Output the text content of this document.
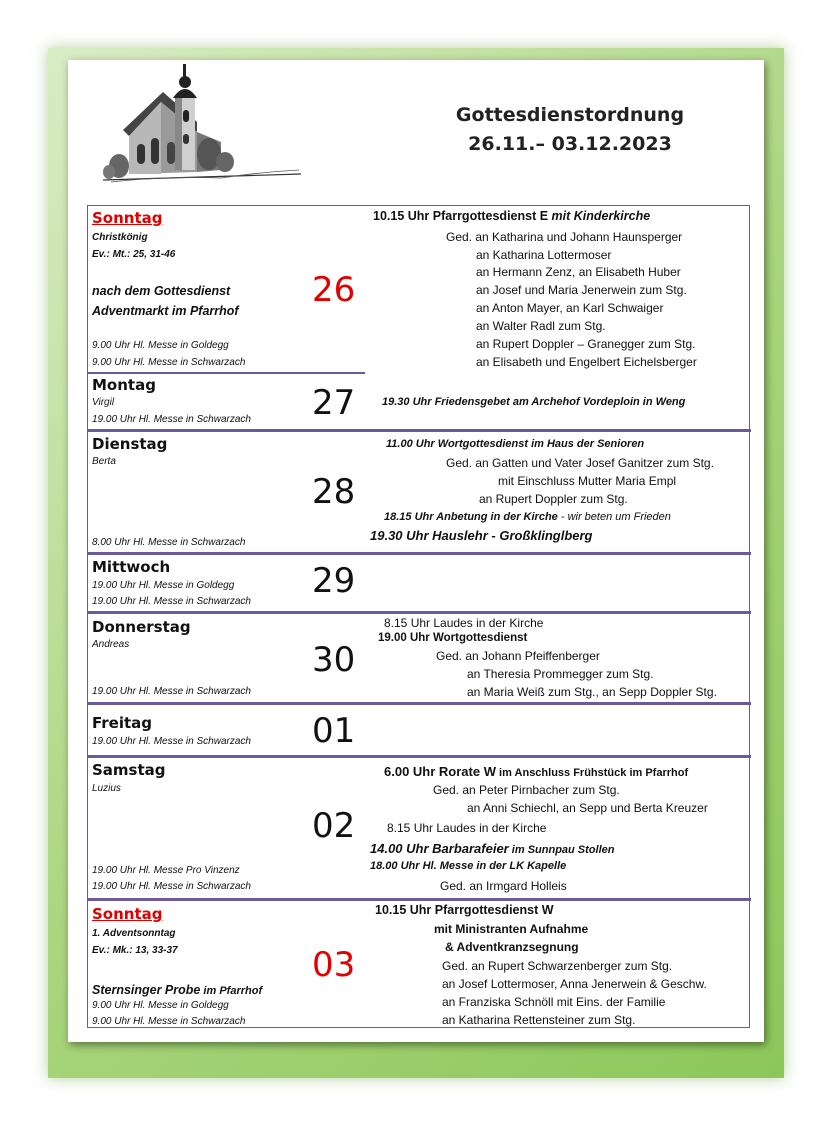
Gottesdienstordnung
26.11.– 03.12.2023
Sonntag
Christkönig
Ev.: Mt.: 25, 31-46
nach dem Gottesdienst
Adventmarkt im Pfarrhof
9.00 Uhr Hl. Messe in Goldegg
9.00 Uhr Hl. Messe in Schwarzach
26
10.15 Uhr Pfarrgottesdienst E mit Kinderkirche
Ged. an Katharina und Johann Haunsperger
an Katharina Lottermoser
an Hermann Zenz, an Elisabeth Huber
an Josef und Maria Jenerwein zum Stg.
an Anton Mayer, an Karl Schwaiger
an Walter Radl zum Stg.
an Rupert Doppler – Granegger zum Stg.
an Elisabeth und Engelbert Eichelsberger
Montag
Virgil
19.00 Uhr Hl. Messe in Schwarzach 27 19.30 Uhr Friedensgebet am Archehof Vordeploin in Weng
Dienstag
Berta
8.00 Uhr Hl. Messe in Schwarzach
28
11.00 Uhr Wortgottesdienst im Haus der Senioren
Ged. an Gatten und Vater Josef Ganitzer zum Stg.
mit Einschluss Mutter Maria Empl
an Rupert Doppler zum Stg.
18.15 Uhr Anbetung in der Kirche - wir beten um Frieden
19.30 Uhr Hauslehr - Großklinglberg
Mittwoch
19.00 Uhr Hl. Messe in Goldegg
19.00 Uhr Hl. Messe in Schwarzach
29
Donnerstag
Andreas
19.00 Uhr Hl. Messe in Schwarzach
30
8.15 Uhr Laudes in der Kirche
19.00 Uhr Wortgottesdienst
Ged. an Johann Pfeiffenberger
an Theresia Prommegger zum Stg.
an Maria Weiß zum Stg., an Sepp Doppler Stg.
Freitag
19.00 Uhr Hl. Messe in Schwarzach 01
Samstag
Luzius
19.00 Uhr Hl. Messe Pro Vinzenz
19.00 Uhr Hl. Messe in Schwarzach
02
6.00 Uhr Rorate W im Anschluss Frühstück im Pfarrhof
Ged. an Peter Pirnbacher zum Stg.
an Anni Schiechl, an Sepp und Berta Kreuzer
8.15 Uhr Laudes in der Kirche
14.00 Uhr Barbarafeier im Sunnpau Stollen
18.00 Uhr Hl. Messe in der LK Kapelle
Ged. an Irmgard Holleis
Sonntag
1. Adventsonntag
Ev.: Mk.: 13, 33-37
Sternsinger Probe im Pfarrhof
9.00 Uhr Hl. Messe in Goldegg
9.00 Uhr Hl. Messe in Schwarzach
03
10.15 Uhr Pfarrgottesdienst W
mit Ministranten Aufnahme
& Adventkranzsegnung
Ged. an Rupert Schwarzenberger zum Stg.
an Josef Lottermoser, Anna Jenerwein & Geschw.
an Franziska Schnöll mit Eins. der Familie
an Katharina Rettensteiner zum Stg.
